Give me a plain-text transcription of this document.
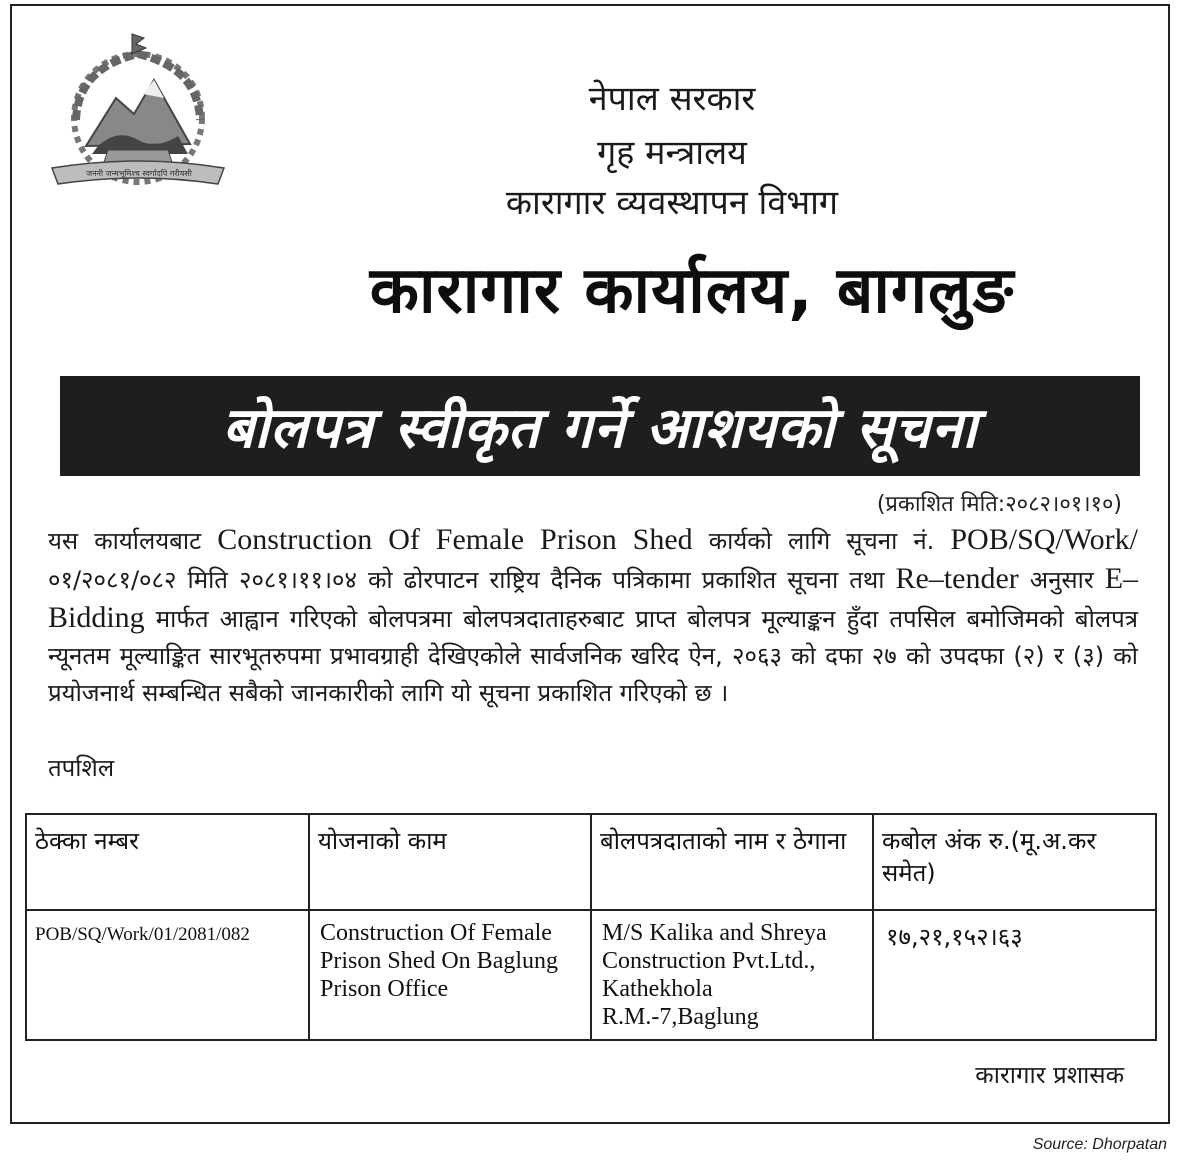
जननी जन्मभूमिश्च स्वर्गादपि गरीयसी
नेपाल सरकार
गृह मन्त्रालय
कारागार व्यवस्थापन विभाग
कारागार कार्यालय, बागलुङ
बोलपत्र स्वीकृत गर्ने आशयको सूचना
(प्रकाशित मिति:२०८२।०१।१०)
यस कार्यालयबाट Construction Of Female Prison Shed कार्यको लागि सूचना नं. POB/SQ/Work/०१/२०८१/०८२ मिति २०८१।११।०४ को ढोरपाटन राष्ट्रिय दैनिक पत्रिकामा प्रकाशित सूचना तथा Re–tender अनुसार E–Bidding मार्फत आह्वान गरिएको बोलपत्रमा बोलपत्रदाताहरुबाट प्राप्त बोलपत्र मूल्याङ्कन हुँदा तपसिल बमोजिमको बोलपत्र न्यूनतम मूल्याङ्कित सारभूतरुपमा प्रभावग्राही देखिएकोले सार्वजनिक खरिद ऐन, २०६३ को दफा २७ को उपदफा (२) र (३) को प्रयोजनार्थ सम्बन्धित सबैको जानकारीको लागि यो सूचना प्रकाशित गरिएको छ ।
तपशिल
कारागार प्रशासक
ठेक्का नम्बर	योजनाको काम	बोलपत्रदाताको नाम र ठेगाना	कबोल अंक रु.(मू.अ.कर समेत)
POB/SQ/Work/01/2081/082	Construction Of Female Prison Shed On Baglung Prison Office	M/S Kalika and Shreya Construction Pvt.Ltd., Kathekhola R.M.-7,Baglung	१७,२१,१५२।६३
Source: Dhorpatan
